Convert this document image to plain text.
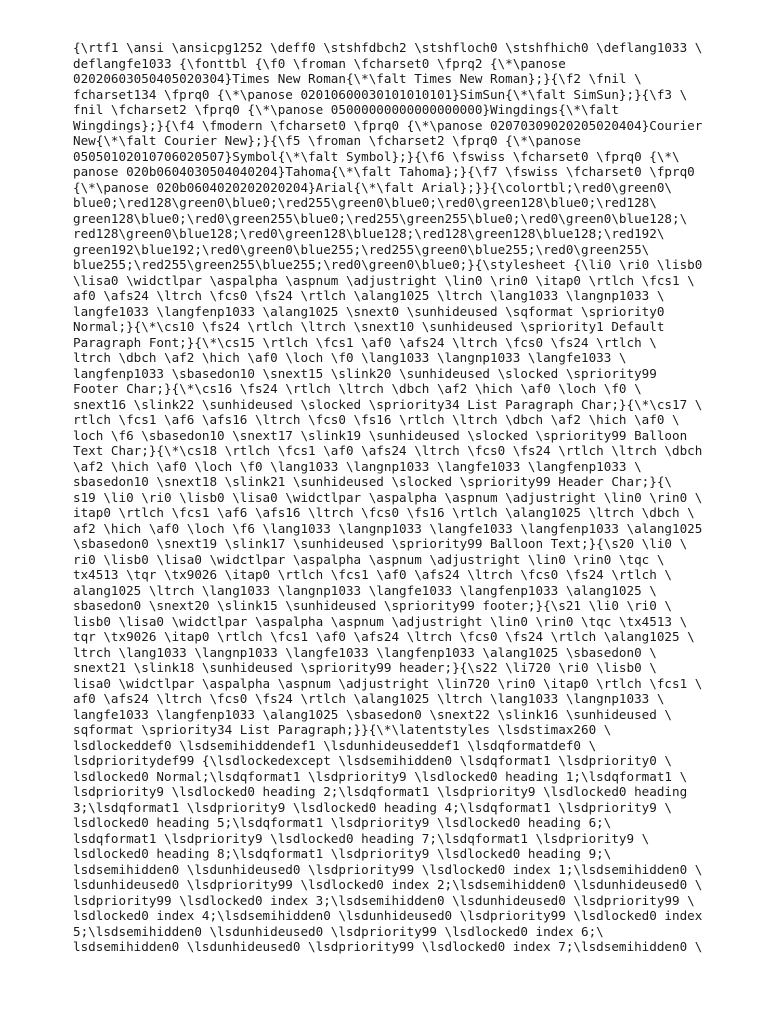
{\rtf1 \ansi \ansicpg1252 \deff0 \stshfdbch2 \stshfloch0 \stshfhich0 \deflang1033 \
deflangfe1033 {\fonttbl {\f0 \froman \fcharset0 \fprq2 {\*\panose
02020603050405020304}Times New Roman{\*\falt Times New Roman};}{\f2 \fnil \
fcharset134 \fprq0 {\*\panose 02010600030101010101}SimSun{\*\falt SimSun};}{\f3 \
fnil \fcharset2 \fprq0 {\*\panose 05000000000000000000}Wingdings{\*\falt
Wingdings};}{\f4 \fmodern \fcharset0 \fprq0 {\*\panose 02070309020205020404}Courier
New{\*\falt Courier New};}{\f5 \froman \fcharset2 \fprq0 {\*\panose
05050102010706020507}Symbol{\*\falt Symbol};}{\f6 \fswiss \fcharset0 \fprq0 {\*\
panose 020b0604030504040204}Tahoma{\*\falt Tahoma};}{\f7 \fswiss \fcharset0 \fprq0
{\*\panose 020b0604020202020204}Arial{\*\falt Arial};}}{\colortbl;\red0\green0\
blue0;\red128\green0\blue0;\red255\green0\blue0;\red0\green128\blue0;\red128\
green128\blue0;\red0\green255\blue0;\red255\green255\blue0;\red0\green0\blue128;\
red128\green0\blue128;\red0\green128\blue128;\red128\green128\blue128;\red192\
green192\blue192;\red0\green0\blue255;\red255\green0\blue255;\red0\green255\
blue255;\red255\green255\blue255;\red0\green0\blue0;}{\stylesheet {\li0 \ri0 \lisb0
\lisa0 \widctlpar \aspalpha \aspnum \adjustright \lin0 \rin0 \itap0 \rtlch \fcs1 \
af0 \afs24 \ltrch \fcs0 \fs24 \rtlch \alang1025 \ltrch \lang1033 \langnp1033 \
langfe1033 \langfenp1033 \alang1025 \snext0 \sunhideused \sqformat \spriority0
Normal;}{\*\cs10 \fs24 \rtlch \ltrch \snext10 \sunhideused \spriority1 Default
Paragraph Font;}{\*\cs15 \rtlch \fcs1 \af0 \afs24 \ltrch \fcs0 \fs24 \rtlch \
ltrch \dbch \af2 \hich \af0 \loch \f0 \lang1033 \langnp1033 \langfe1033 \
langfenp1033 \sbasedon10 \snext15 \slink20 \sunhideused \slocked \spriority99
Footer Char;}{\*\cs16 \fs24 \rtlch \ltrch \dbch \af2 \hich \af0 \loch \f0 \
snext16 \slink22 \sunhideused \slocked \spriority34 List Paragraph Char;}{\*\cs17 \
rtlch \fcs1 \af6 \afs16 \ltrch \fcs0 \fs16 \rtlch \ltrch \dbch \af2 \hich \af0 \
loch \f6 \sbasedon10 \snext17 \slink19 \sunhideused \slocked \spriority99 Balloon
Text Char;}{\*\cs18 \rtlch \fcs1 \af0 \afs24 \ltrch \fcs0 \fs24 \rtlch \ltrch \dbch
\af2 \hich \af0 \loch \f0 \lang1033 \langnp1033 \langfe1033 \langfenp1033 \
sbasedon10 \snext18 \slink21 \sunhideused \slocked \spriority99 Header Char;}{\
s19 \li0 \ri0 \lisb0 \lisa0 \widctlpar \aspalpha \aspnum \adjustright \lin0 \rin0 \
itap0 \rtlch \fcs1 \af6 \afs16 \ltrch \fcs0 \fs16 \rtlch \alang1025 \ltrch \dbch \
af2 \hich \af0 \loch \f6 \lang1033 \langnp1033 \langfe1033 \langfenp1033 \alang1025
\sbasedon0 \snext19 \slink17 \sunhideused \spriority99 Balloon Text;}{\s20 \li0 \
ri0 \lisb0 \lisa0 \widctlpar \aspalpha \aspnum \adjustright \lin0 \rin0 \tqc \
tx4513 \tqr \tx9026 \itap0 \rtlch \fcs1 \af0 \afs24 \ltrch \fcs0 \fs24 \rtlch \
alang1025 \ltrch \lang1033 \langnp1033 \langfe1033 \langfenp1033 \alang1025 \
sbasedon0 \snext20 \slink15 \sunhideused \spriority99 footer;}{\s21 \li0 \ri0 \
lisb0 \lisa0 \widctlpar \aspalpha \aspnum \adjustright \lin0 \rin0 \tqc \tx4513 \
tqr \tx9026 \itap0 \rtlch \fcs1 \af0 \afs24 \ltrch \fcs0 \fs24 \rtlch \alang1025 \
ltrch \lang1033 \langnp1033 \langfe1033 \langfenp1033 \alang1025 \sbasedon0 \
snext21 \slink18 \sunhideused \spriority99 header;}{\s22 \li720 \ri0 \lisb0 \
lisa0 \widctlpar \aspalpha \aspnum \adjustright \lin720 \rin0 \itap0 \rtlch \fcs1 \
af0 \afs24 \ltrch \fcs0 \fs24 \rtlch \alang1025 \ltrch \lang1033 \langnp1033 \
langfe1033 \langfenp1033 \alang1025 \sbasedon0 \snext22 \slink16 \sunhideused \
sqformat \spriority34 List Paragraph;}}{\*\latentstyles \lsdstimax260 \
lsdlockeddef0 \lsdsemihiddendef1 \lsdunhideuseddef1 \lsdqformatdef0 \
lsdprioritydef99 {\lsdlockedexcept \lsdsemihidden0 \lsdqformat1 \lsdpriority0 \
lsdlocked0 Normal;\lsdqformat1 \lsdpriority9 \lsdlocked0 heading 1;\lsdqformat1 \
lsdpriority9 \lsdlocked0 heading 2;\lsdqformat1 \lsdpriority9 \lsdlocked0 heading
3;\lsdqformat1 \lsdpriority9 \lsdlocked0 heading 4;\lsdqformat1 \lsdpriority9 \
lsdlocked0 heading 5;\lsdqformat1 \lsdpriority9 \lsdlocked0 heading 6;\
lsdqformat1 \lsdpriority9 \lsdlocked0 heading 7;\lsdqformat1 \lsdpriority9 \
lsdlocked0 heading 8;\lsdqformat1 \lsdpriority9 \lsdlocked0 heading 9;\
lsdsemihidden0 \lsdunhideused0 \lsdpriority99 \lsdlocked0 index 1;\lsdsemihidden0 \
lsdunhideused0 \lsdpriority99 \lsdlocked0 index 2;\lsdsemihidden0 \lsdunhideused0 \
lsdpriority99 \lsdlocked0 index 3;\lsdsemihidden0 \lsdunhideused0 \lsdpriority99 \
lsdlocked0 index 4;\lsdsemihidden0 \lsdunhideused0 \lsdpriority99 \lsdlocked0 index
5;\lsdsemihidden0 \lsdunhideused0 \lsdpriority99 \lsdlocked0 index 6;\
lsdsemihidden0 \lsdunhideused0 \lsdpriority99 \lsdlocked0 index 7;\lsdsemihidden0 \
